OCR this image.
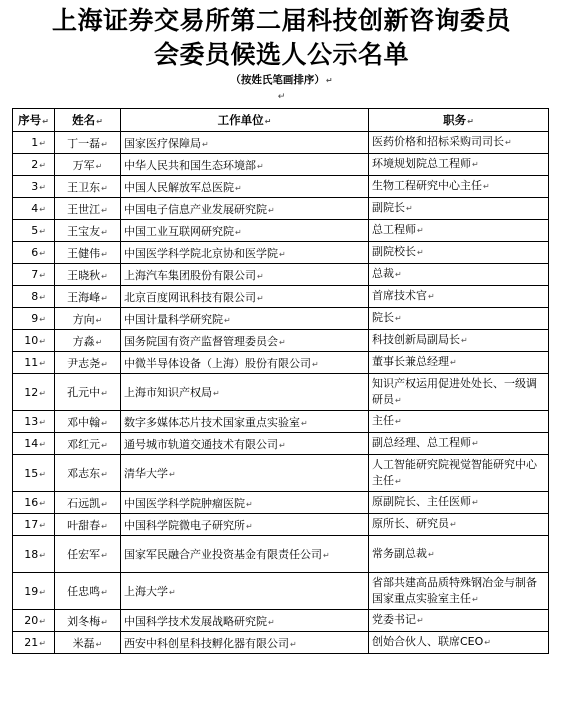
上海证券交易所第二届科技创新咨询委员
会委员候选人公示名单
（按姓氏笔画排序）↵
↵
序号↵	姓名↵	工作单位↵	职务↵
1↵	丁一磊↵	国家医疗保障局↵	医药价格和招标采购司司长↵
2↵	万军↵	中华人民共和国生态环境部↵	环境规划院总工程师↵
3↵	王卫东↵	中国人民解放军总医院↵	生物工程研究中心主任↵
4↵	王世江↵	中国电子信息产业发展研究院↵	副院长↵
5↵	王宝友↵	中国工业互联网研究院↵	总工程师↵
6↵	王健伟↵	中国医学科学院北京协和医学院↵	副院校长↵
7↵	王晓秋↵	上海汽车集团股份有限公司↵	总裁↵
8↵	王海峰↵	北京百度网讯科技有限公司↵	首席技术官↵
9↵	方向↵	中国计量科学研究院↵	院长↵
10↵	方淼↵	国务院国有资产监督管理委员会↵	科技创新局副局长↵
11↵	尹志尧↵	中微半导体设备（上海）股份有限公司↵	董事长兼总经理↵
12↵	孔元中↵	上海市知识产权局↵	知识产权运用促进处处长、一级调研员↵
13↵	邓中翰↵	数字多媒体芯片技术国家重点实验室↵	主任↵
14↵	邓红元↵	通号城市轨道交通技术有限公司↵	副总经理、总工程师↵
15↵	邓志东↵	清华大学↵	人工智能研究院视觉智能研究中心主任↵
16↵	石远凯↵	中国医学科学院肿瘤医院↵	原副院长、主任医师↵
17↵	叶甜春↵	中国科学院微电子研究所↵	原所长、研究员↵
18↵	任宏军↵	国家军民融合产业投资基金有限责任公司↵	常务副总裁↵
19↵	任忠鸣↵	上海大学↵	省部共建高品质特殊钢冶金与制备国家重点实验室主任↵
20↵	刘冬梅↵	中国科学技术发展战略研究院↵	党委书记↵
21↵	米磊↵	西安中科创星科技孵化器有限公司↵	创始合伙人、联席CEO↵
